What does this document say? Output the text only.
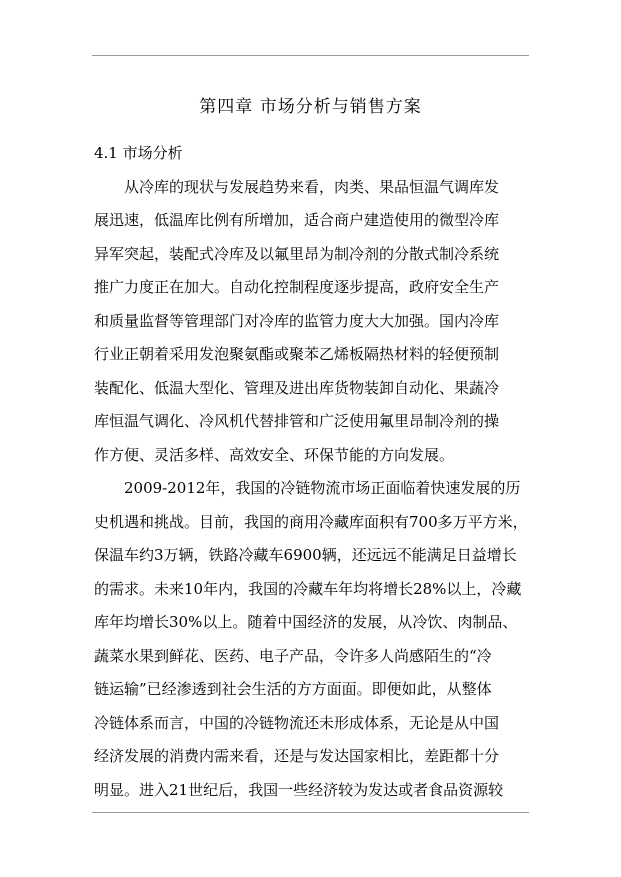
第四章 市场分析与销售方案
4.1 市场分析
从冷库的现状与发展趋势来看，肉类、果品恒温气调库发
展迅速，低温库比例有所增加，适合商户建造使用的微型冷库
异军突起，装配式冷库及以氟里昂为制冷剂的分散式制冷系统
推广力度正在加大。自动化控制程度逐步提高，政府安全生产
和质量监督等管理部门对冷库的监管力度大大加强。国内冷库
行业正朝着采用发泡聚氨酯或聚苯乙烯板隔热材料的轻便预制
装配化、低温大型化、管理及进出库货物装卸自动化、果蔬冷
库恒温气调化、冷风机代替排管和广泛使用氟里昂制冷剂的操
作方便、灵活多样、高效安全、环保节能的方向发展。
2009-2012年，我国的冷链物流市场正面临着快速发展的历
史机遇和挑战。目前，我国的商用冷藏库面积有700多万平方米，
保温车约3万辆，铁路冷藏车6900辆，还远远不能满足日益增长
的需求。未来10年内，我国的冷藏车年均将增长28%以上，冷藏
库年均增长30%以上。随着中国经济的发展，从冷饮、肉制品、
蔬菜水果到鲜花、医药、电子产品，令许多人尚感陌生的“冷
链运输”已经渗透到社会生活的方方面面。即便如此，从整体
冷链体系而言，中国的冷链物流还未形成体系，无论是从中国
经济发展的消费内需来看，还是与发达国家相比，差距都十分
明显。进入21世纪后，我国一些经济较为发达或者食品资源较
